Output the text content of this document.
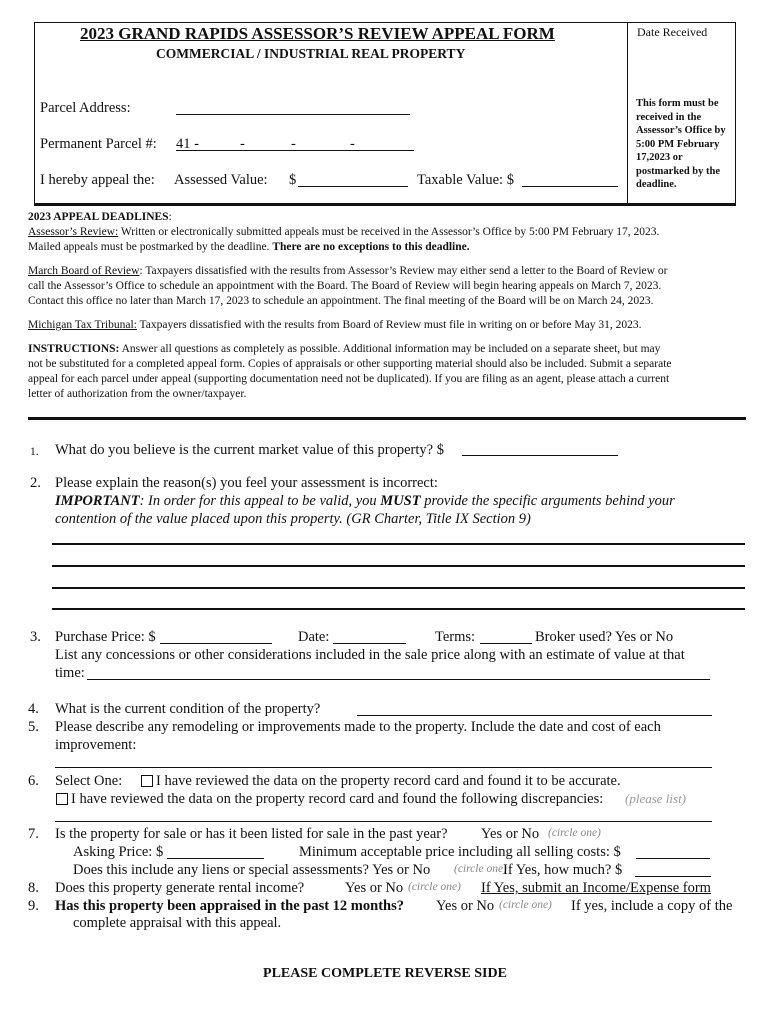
2023 GRAND RAPIDS ASSESSOR’S REVIEW APPEAL FORM
COMMERCIAL / INDUSTRIAL REAL PROPERTY
Date Received
This form must be received in the Assessor’s Office by 5:00 PM February 17,2023 or postmarked by the deadline.
Parcel Address:
Permanent Parcel #: 41 -	-	-	-
I hereby appeal the: Assessed Value: $	Taxable Value: $
2023 APPEAL DEADLINES:
Assessor’s Review: Written or electronically submitted appeals must be received in the Assessor’s Office by 5:00 PM February 17, 2023.
Mailed appeals must be postmarked by the deadline. There are no exceptions to this deadline.
March Board of Review: Taxpayers dissatisfied with the results from Assessor’s Review may either send a letter to the Board of Review or
call the Assessor’s Office to schedule an appointment with the Board. The Board of Review will begin hearing appeals on March 7, 2023.
Contact this office no later than March 17, 2023 to schedule an appointment. The final meeting of the Board will be on March 24, 2023.
Michigan Tax Tribunal: Taxpayers dissatisfied with the results from Board of Review must file in writing on or before May 31, 2023.
INSTRUCTIONS: Answer all questions as completely as possible. Additional information may be included on a separate sheet, but may
not be substituted for a completed appeal form. Copies of appraisals or other supporting material should also be included. Submit a separate
appeal for each parcel under appeal (supporting documentation need not be duplicated). If you are filing as an agent, please attach a current
letter of authorization from the owner/taxpayer.
1. What do you believe is the current market value of this property? $
2. Please explain the reason(s) you feel your assessment is incorrect:
IMPORTANT: In order for this appeal to be valid, you MUST provide the specific arguments behind your
contention of the value placed upon this property. (GR Charter, Title IX Section 9)
3. Purchase Price: $	Date:	Terms:	Broker used? Yes or No
List any concessions or other considerations included in the sale price along with an estimate of value at that
time:
4. What is the current condition of the property?
5. Please describe any remodeling or improvements made to the property. Include the date and cost of each
improvement:
6. Select One: I have reviewed the data on the property record card and found it to be accurate.
I have reviewed the data on the property record card and found the following discrepancies: (please list)
7. Is the property for sale or has it been listed for sale in the past year? Yes or No (circle one)
Asking Price: $	Minimum acceptable price including all selling costs: $
Does this include any liens or special assessments? Yes or No (circle one)
If Yes, how much? $
8. Does this property generate rental income?	Yes or No (circle one) If Yes, submit an Income/Expense form
9. Has this property been appraised in the past 12 months? Yes or No (circle one) If yes, include a copy of the
complete appraisal with this appeal.
PLEASE COMPLETE REVERSE SIDE
